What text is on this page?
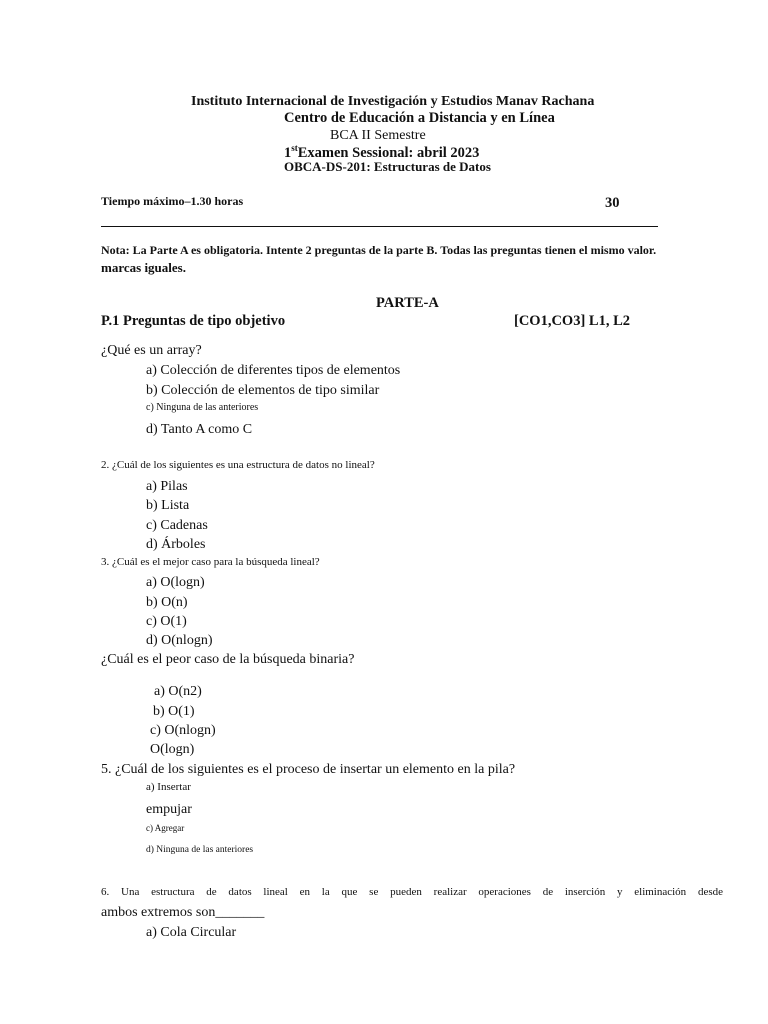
Instituto Internacional de Investigación y Estudios Manav Rachana
Centro de Educación a Distancia y en Línea
BCA II Semestre
1stExamen Sessional: abril 2023
OBCA-DS-201: Estructuras de Datos
Tiempo máximo–1.30 horas	30
Nota: La Parte A es obligatoria. Intente 2 preguntas de la parte B. Todas las preguntas tienen el mismo valor.
marcas iguales.
PARTE-A
P.1 Preguntas de tipo objetivo	[CO1,CO3] L1, L2
¿Qué es un array?
a) Colección de diferentes tipos de elementos
b) Colección de elementos de tipo similar
c) Ninguna de las anteriores
d) Tanto A como C
2. ¿Cuál de los siguientes es una estructura de datos no lineal?
a) Pilas
b) Lista
c) Cadenas
d) Árboles
3. ¿Cuál es el mejor caso para la búsqueda lineal?
a) O(logn)
b) O(n)
c) O(1)
d) O(nlogn)
¿Cuál es el peor caso de la búsqueda binaria?
a) O(n2)
b) O(1)
c) O(nlogn)
O(logn)
5. ¿Cuál de los siguientes es el proceso de insertar un elemento en la pila?
a) Insertar
empujar
c) Agregar
d) Ninguna de las anteriores
6. Una estructura de datos lineal en la que se pueden realizar operaciones de inserción y eliminación desde
ambos extremos son_______
a) Cola Circular
